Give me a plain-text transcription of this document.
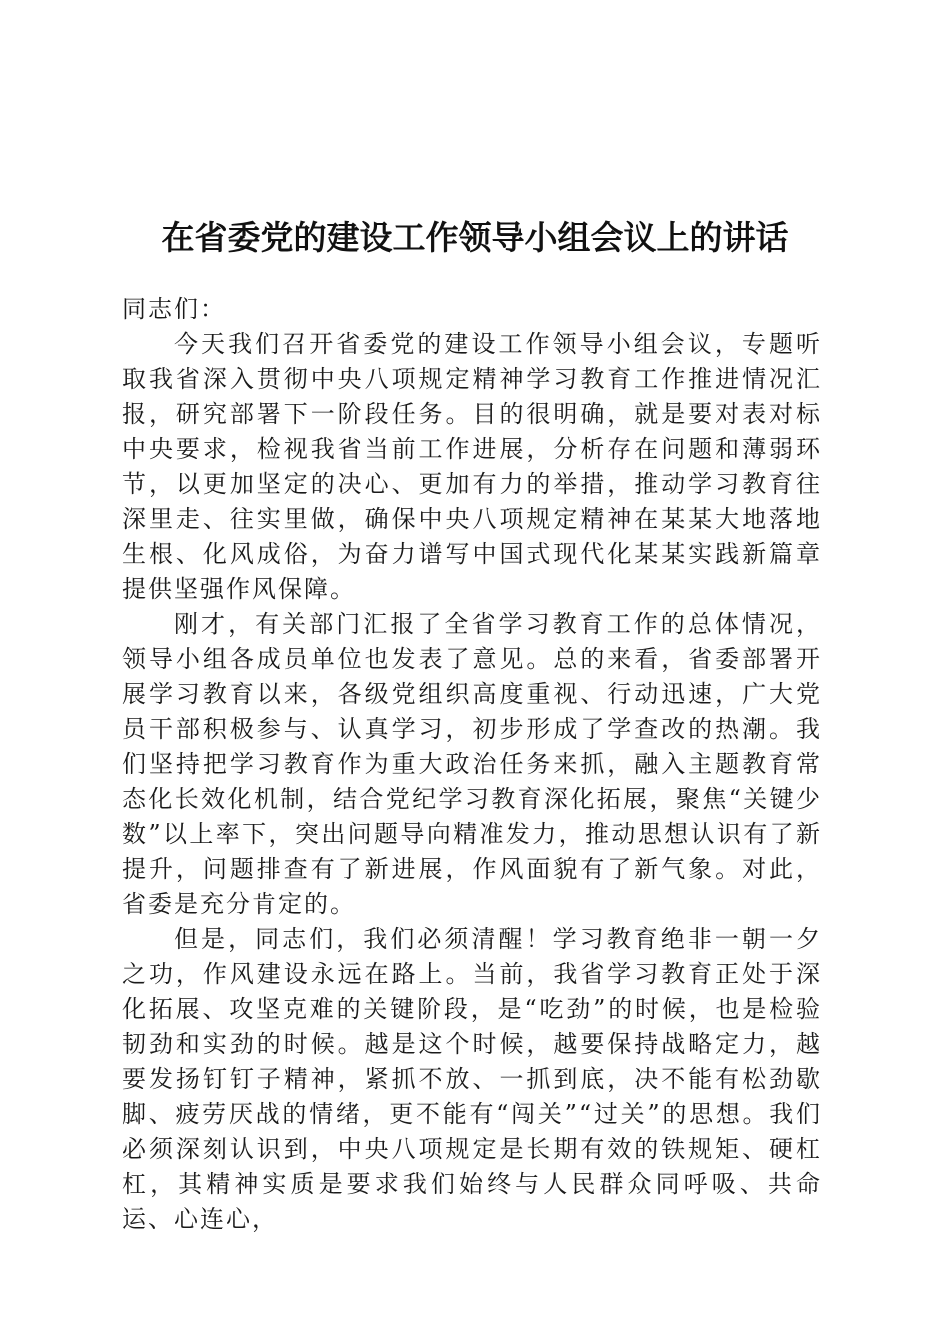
在省委党的建设工作领导小组会议上的讲话

同志们：

今天我们召开省委党的建设工作领导小组会议，专题听取我省深入贯彻中央八项规定精神学习教育工作推进情况汇报，研究部署下一阶段任务。目的很明确，就是要对表对标中央要求，检视我省当前工作进展，分析存在问题和薄弱环节，以更加坚定的决心、更加有力的举措，推动学习教育往深里走、往实里做，确保中央八项规定精神在某某大地落地生根、化风成俗，为奋力谱写中国式现代化某某实践新篇章提供坚强作风保障。

刚才，有关部门汇报了全省学习教育工作的总体情况，领导小组各成员单位也发表了意见。总的来看，省委部署开展学习教育以来，各级党组织高度重视、行动迅速，广大党员干部积极参与、认真学习，初步形成了学查改的热潮。我们坚持把学习教育作为重大政治任务来抓，融入主题教育常态化长效化机制，结合党纪学习教育深化拓展，聚焦“关键少数”以上率下，突出问题导向精准发力，推动思想认识有了新提升，问题排查有了新进展，作风面貌有了新气象。对此，省委是充分肯定的。

但是，同志们，我们必须清醒！学习教育绝非一朝一夕之功，作风建设永远在路上。当前，我省学习教育正处于深化拓展、攻坚克难的关键阶段，是“吃劲”的时候，也是检验韧劲和实劲的时候。越是这个时候，越要保持战略定力，越要发扬钉钉子精神，紧抓不放、一抓到底，决不能有松劲歇脚、疲劳厌战的情绪，更不能有“闯关”“过关”的思想。我们必须深刻认识到，中央八项规定是长期有效的铁规矩、硬杠杠，其精神实质是要求我们始终与人民群众同呼吸、共命运、心连心，
